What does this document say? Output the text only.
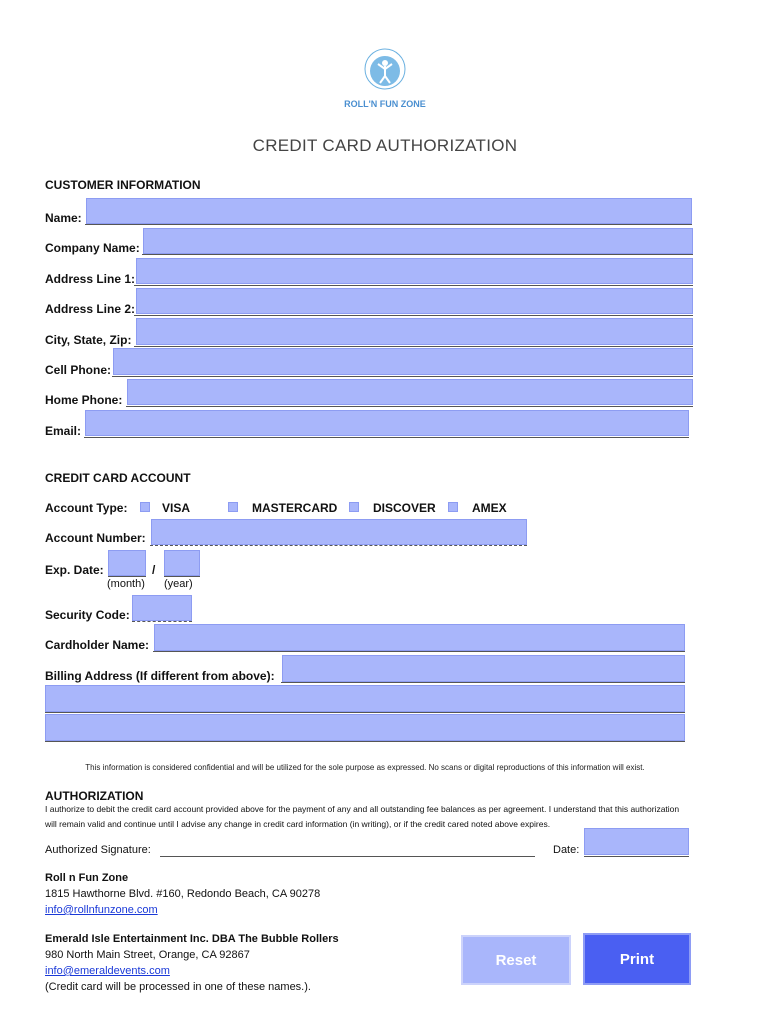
ROLL'N FUN ZONE
CREDIT CARD AUTHORIZATION
CUSTOMER INFORMATION
Name:
Company Name:
Address Line 1:
Address Line 2:
City, State, Zip:
Cell Phone:
Home Phone:
Email:
CREDIT CARD ACCOUNT
Account Type:	VISA	MASTERCARD	DISCOVER	AMEX
Account Number:
Exp. Date:	/
(month) (year)
Security Code:
Cardholder Name:
Billing Address (If different from above):
This information is considered confidential and will be utilized for the sole purpose as expressed. No scans or digital reproductions of this information will exist.
AUTHORIZATION
I authorize to debit the credit card account provided above for the payment of any and all outstanding fee balances as per agreement. I understand that this authorization will remain valid and continue until I advise any change in credit card information (in writing), or if the credit cared noted above expires.
Authorized Signature:	Date:
Roll n Fun Zone
1815 Hawthorne Blvd. #160, Redondo Beach, CA 90278
info@rollnfunzone.com
Emerald Isle Entertainment Inc. DBA The Bubble Rollers
980 North Main Street, Orange, CA 92867
info@emeraldevents.com
(Credit card will be processed in one of these names.).
Reset	Print
